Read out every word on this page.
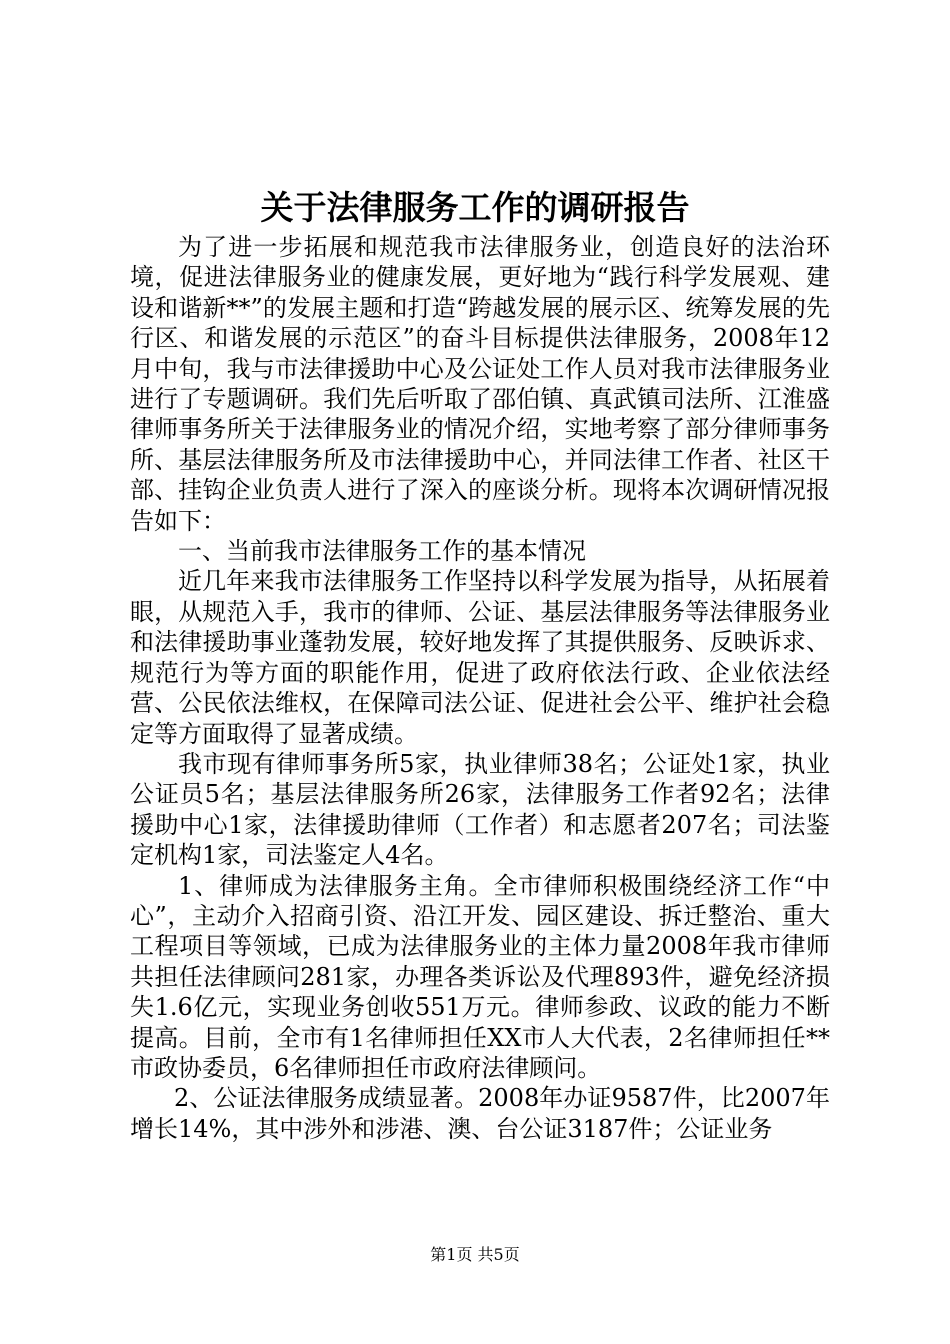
关于法律服务工作的调研报告

为了进一步拓展和规范我市法律服务业，创造良好的法治环境，促进法律服务业的健康发展，更好地为“践行科学发展观、建设和谐新**”的发展主题和打造“跨越发展的展示区、统筹发展的先行区、和谐发展的示范区”的奋斗目标提供法律服务，2008年12月中旬，我与市法律援助中心及公证处工作人员对我市法律服务业进行了专题调研。我们先后听取了邵伯镇、真武镇司法所、江淮盛律师事务所关于法律服务业的情况介绍，实地考察了部分律师事务所、基层法律服务所及市法律援助中心，并同法律工作者、社区干部、挂钩企业负责人进行了深入的座谈分析。现将本次调研情况报告如下：

一、当前我市法律服务工作的基本情况

近几年来我市法律服务工作坚持以科学发展为指导，从拓展着眼，从规范入手，我市的律师、公证、基层法律服务等法律服务业和法律援助事业蓬勃发展，较好地发挥了其提供服务、反映诉求、规范行为等方面的职能作用，促进了政府依法行政、企业依法经营、公民依法维权，在保障司法公证、促进社会公平、维护社会稳定等方面取得了显著成绩。

我市现有律师事务所5家，执业律师38名；公证处1家，执业公证员5名；基层法律服务所26家，法律服务工作者92名；法律援助中心1家，法律援助律师（工作者）和志愿者207名；司法鉴定机构1家，司法鉴定人4名。

1、律师成为法律服务主角。全市律师积极围绕经济工作“中心”，主动介入招商引资、沿江开发、园区建设、拆迁整治、重大工程项目等领域，已成为法律服务业的主体力量2008年我市律师共担任法律顾问281家，办理各类诉讼及代理893件，避免经济损失1.6亿元，实现业务创收551万元。律师参政、议政的能力不断提高。目前，全市有1名律师担任XX市人大代表，2名律师担任**市政协委员，6名律师担任市政府法律顾问。

2、公证法律服务成绩显著。2008年办证9587件，比2007年增长14%，其中涉外和涉港、澳、台公证3187件；公证业务

第1页 共5页
